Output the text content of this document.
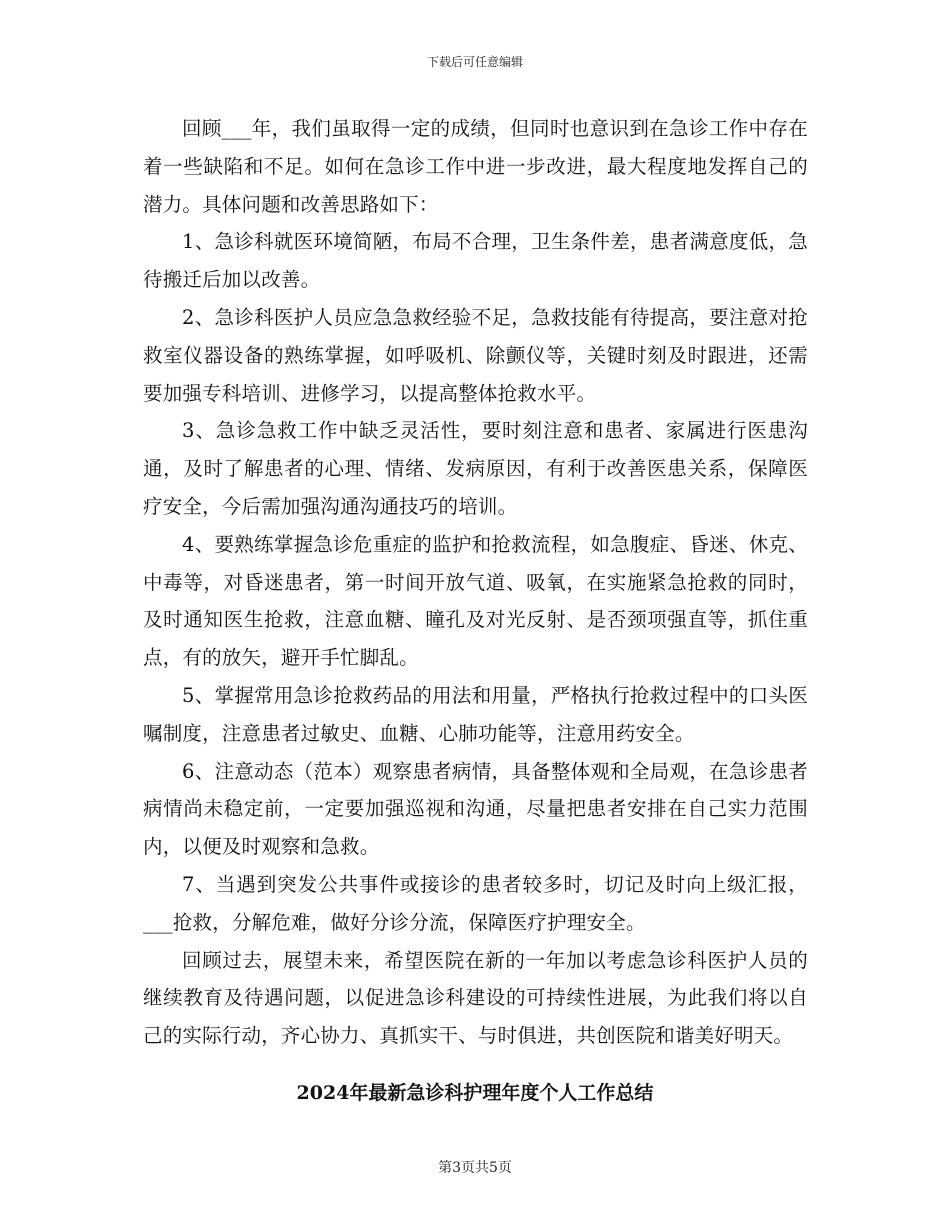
下载后可任意编辑

回顾___年，我们虽取得一定的成绩，但同时也意识到在急诊工作中存在着一些缺陷和不足。如何在急诊工作中进一步改进，最大程度地发挥自己的潜力。具体问题和改善思路如下：

1、急诊科就医环境简陋，布局不合理，卫生条件差，患者满意度低，急待搬迁后加以改善。

2、急诊科医护人员应急急救经验不足，急救技能有待提高，要注意对抢救室仪器设备的熟练掌握，如呼吸机、除颤仪等，关键时刻及时跟进，还需要加强专科培训、进修学习，以提高整体抢救水平。

3、急诊急救工作中缺乏灵活性，要时刻注意和患者、家属进行医患沟通，及时了解患者的心理、情绪、发病原因，有利于改善医患关系，保障医疗安全，今后需加强沟通沟通技巧的培训。

4、要熟练掌握急诊危重症的监护和抢救流程，如急腹症、昏迷、休克、中毒等，对昏迷患者，第一时间开放气道、吸氧，在实施紧急抢救的同时，及时通知医生抢救，注意血糖、瞳孔及对光反射、是否颈项强直等，抓住重点，有的放矢，避开手忙脚乱。

5、掌握常用急诊抢救药品的用法和用量，严格执行抢救过程中的口头医嘱制度，注意患者过敏史、血糖、心肺功能等，注意用药安全。

6、注意动态（范本）观察患者病情，具备整体观和全局观，在急诊患者病情尚未稳定前，一定要加强巡视和沟通，尽量把患者安排在自己实力范围内，以便及时观察和急救。

7、当遇到突发公共事件或接诊的患者较多时，切记及时向上级汇报，___抢救，分解危难，做好分诊分流，保障医疗护理安全。

回顾过去，展望未来，希望医院在新的一年加以考虑急诊科医护人员的继续教育及待遇问题，以促进急诊科建设的可持续性进展，为此我们将以自己的实际行动，齐心协力、真抓实干、与时俱进，共创医院和谐美好明天。

2024年最新急诊科护理年度个人工作总结
第3页共5页
